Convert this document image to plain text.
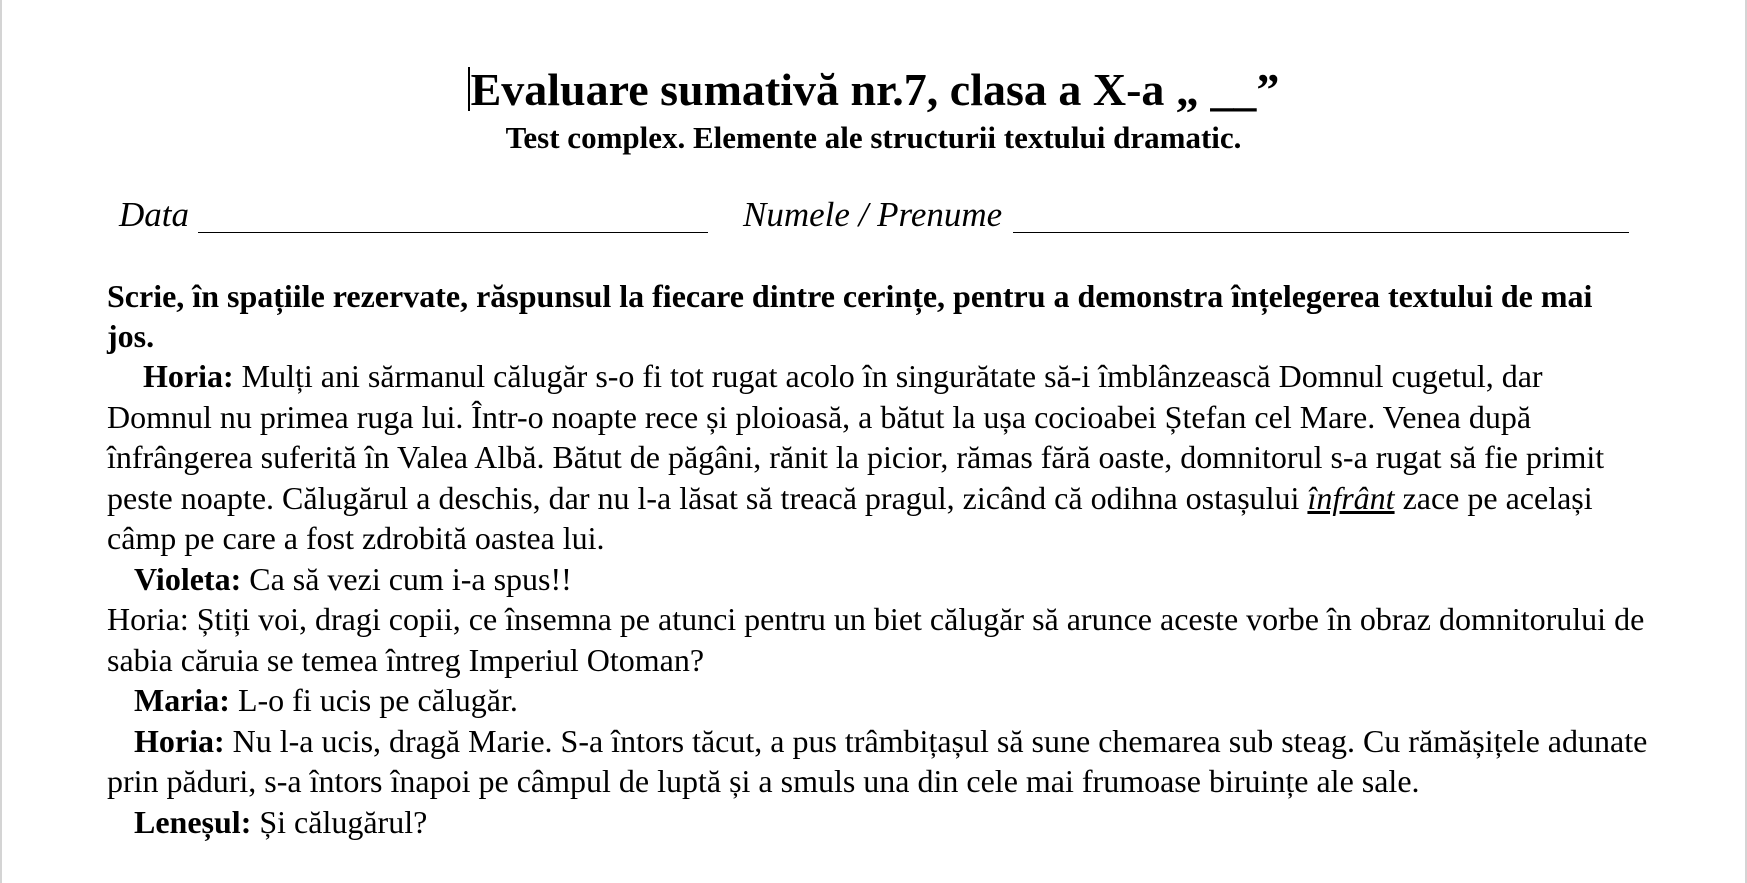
Evaluare sumativă nr.7, clasa a X-a „ __”
Test complex. Elemente ale structurii textului dramatic.
Data	Numele / Prenume
Scrie, în spațiile rezervate, răspunsul la fiecare dintre cerințe, pentru a demonstra înțelegerea textului de mai jos.

Horia: Mulți ani sărmanul călugăr s-o fi tot rugat acolo în singurătate să-i îmblânzească Domnul cugetul, dar Domnul nu primea ruga lui. Într-o noapte rece și ploioasă, a bătut la ușa cocioabei Ștefan cel Mare. Venea după înfrângerea suferită în Valea Albă. Bătut de păgâni, rănit la picior, rămas fără oaste, domnitorul s-a rugat să fie primit peste noapte. Călugărul a deschis, dar nu l-a lăsat să treacă pragul, zicând că odihna ostașului înfrânt zace pe același câmp pe care a fost zdrobită oastea lui.

Violeta: Ca să vezi cum i-a spus!!

Horia: Știți voi, dragi copii, ce însemna pe atunci pentru un biet călugăr să arunce aceste vorbe în obraz domnitorului de sabia căruia se temea întreg Imperiul Otoman?

Maria: L-o fi ucis pe călugăr.

Horia: Nu l-a ucis, dragă Marie. S-a întors tăcut, a pus trâmbițașul să sune chemarea sub steag. Cu rămășițele adunate prin păduri, s-a întors înapoi pe câmpul de luptă și a smuls una din cele mai frumoase biruințe ale sale.

Leneșul: Și călugărul?
